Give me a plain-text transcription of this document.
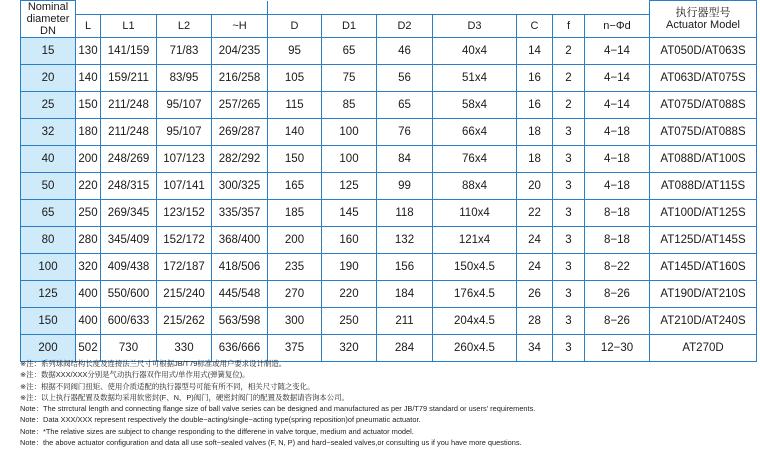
Nominal diameter DN												执行器型号
Actuator Model

	L	L1	L2	~H	D	D1	D2	D3	C	f	n−Φd	
15	130	141/159	71/83	204/235	95	65	46	40x4	14	2	4−14	AT050D/AT063S
20	140	159/211	83/95	216/258	105	75	56	51x4	16	2	4−14	AT063D/AT075S
25	150	211/248	95/107	257/265	115	85	65	58x4	16	2	4−14	AT075D/AT088S
32	180	211/248	95/107	269/287	140	100	76	66x4	18	3	4−18	AT075D/AT088S
40	200	248/269	107/123	282/292	150	100	84	76x4	18	3	4−18	AT088D/AT100S
50	220	248/315	107/141	300/325	165	125	99	88x4	20	3	4−18	AT088D/AT115S
65	250	269/345	123/152	335/357	185	145	118	110x4	22	3	8−18	AT100D/AT125S
80	280	345/409	152/172	368/400	200	160	132	121x4	24	3	8−18	AT125D/AT145S
100	320	409/438	172/187	418/506	235	190	156	150x4.5	24	3	8−22	AT145D/AT160S
125	400	550/600	215/240	445/548	270	220	184	176x4.5	26	3	8−26	AT190D/AT210S
150	400	600/633	215/262	563/598	300	250	211	204x4.5	28	3	8−26	AT210D/AT240S
200	502	730	330	636/666	375	320	284	260x4.5	34	3	12−30	AT270D
※注：系列球阀结构长度及连接法兰尺寸可根据JB/T79标准或用户要求设计制造。
※注：数据XXX/XXX分别是气动执行器双作用式/单作用式(弹簧复位)。
※注：根据不同阀门扭矩、使用介质适配的执行器型号可能有所不同，相关尺寸随之变化。
※注：以上执行器配置及数据均采用软密封(F、N、P)阀门，硬密封阀门的配置及数据请咨询本公司。
Note：The strrctural length and connecting flange size of ball valve series can be designed and manufactured as per JB/T79 standard or users' requirements.
Note：Data XXX/XXX represent respectively the double−acting/single−acting type(spring reposition)of pneumatic actuator.
Note：*The relative sizes are subject to change responding to the differene in valve torque, medium and actuator model.
Note：the above actuator configuration and data all use soft−sealed valves (F, N, P) and hard−sealed valves,or consulting us if you have more questions.
